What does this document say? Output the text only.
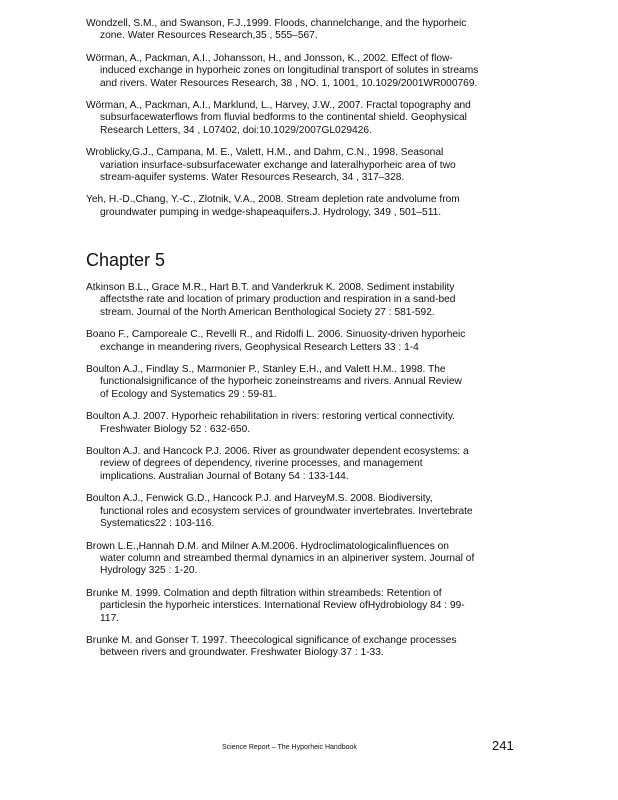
Wondzell, S.M., and Swanson, F.J.,1999. Floods, channelchange, and the hyporheic
zone. Water Resources Research,35 , 555–567.

Wörman, A., Packman, A.I., Johansson, H., and Jonsson, K., 2002. Effect of flow-
induced exchange in hyporheic zones on longitudinal transport of solutes in streams
and rivers. Water Resources Research, 38 , NO. 1, 1001, 10.1029/2001WR000769.

Wörman, A., Packman, A.I., Marklund, L., Harvey, J.W., 2007. Fractal topography and
subsurfacewaterflows from fluvial bedforms to the continental shield. Geophysical
Research Letters, 34 , L07402, doi:10.1029/2007GL029426.

Wroblicky,G.J., Campana, M. E., Valett, H.M., and Dahm, C.N., 1998. Seasonal
variation insurface-subsurfacewater exchange and lateralhyporheic area of two
stream-aquifer systems. Water Resources Research, 34 , 317–328.

Yeh, H.-D.,Chang, Y.-C., Zlotnik, V.A., 2008. Stream depletion rate andvolume from
groundwater pumping in wedge-shapeaquifers.J. Hydrology, 349 , 501–511.

Chapter 5

Atkinson B.L., Grace M.R., Hart B.T. and Vanderkruk K. 2008. Sediment instability
affectsthe rate and location of primary production and respiration in a sand-bed
stream. Journal of the North American Benthological Society 27 : 581-592.

Boano F., Camporeale C., Revelli R., and Ridolfi L. 2006. Sinuosity-driven hyporheic
exchange in meandering rivers, Geophysical Research Letters 33 : 1-4

Boulton A.J., Findlay S., Marmonier P., Stanley E.H., and Valett H.M.. 1998. The
functionalsignificance of the hyporheic zoneinstreams and rivers. Annual Review
of Ecology and Systematics 29 : 59-81.

Boulton A.J. 2007. Hyporheic rehabilitation in rivers: restoring vertical connectivity.
Freshwater Biology 52 : 632-650.

Boulton A.J. and Hancock P.J. 2006. River as groundwater dependent ecosystems: a
review of degrees of dependency, riverine processes, and management
implications. Australian Journal of Botany 54 : 133-144.

Boulton A.J., Fenwick G.D., Hancock P.J. and HarveyM.S. 2008. Biodiversity,
functional roles and ecosystem services of groundwater invertebrates. Invertebrate
Systematics22 : 103-116.

Brown L.E.,Hannah D.M. and Milner A.M.2006. Hydroclimatologicalinfluences on
water column and streambed thermal dynamics in an alpineriver system. Journal of
Hydrology 325 : 1-20.

Brunke M. 1999. Colmation and depth filtration within streambeds: Retention of
particlesin the hyporheic interstices. International Review ofHydrobiology 84 : 99-
117.

Brunke M. and Gonser T. 1997. Theecological significance of exchange processes
between rivers and groundwater. Freshwater Biology 37 : 1-33.

Science Report – The Hyporheic Handbook	241
